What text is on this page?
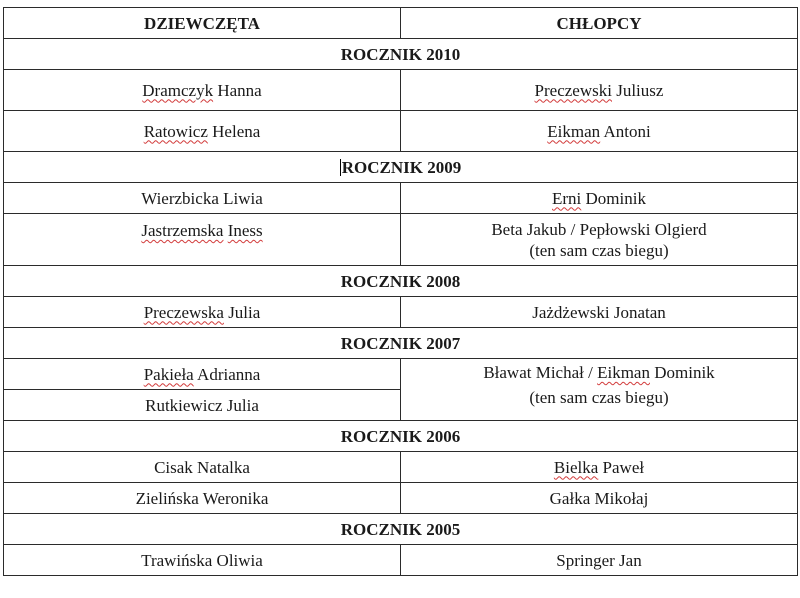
DZIEWCZĘTA	CHŁOPCY
ROCZNIK 2010	
Dramczyk Hanna	Preczewski Juliusz
Ratowicz Helena	Eikman Antoni
ROCZNIK 2009	
Wierzbicka Liwia	Erni Dominik
Jastrzemska Iness	Beta Jakub / Pepłowski Olgierd
(ten sam czas biegu)

ROCZNIK 2008	
Preczewska Julia	Jażdżewski Jonatan
ROCZNIK 2007	
Pakieła Adrianna	Bławat Michał / Eikman Dominik
(ten sam czas biegu)

Rutkiewicz Julia	
ROCZNIK 2006	
Cisak Natalka	Bielka Paweł
Zielińska Weronika	Gałka Mikołaj
ROCZNIK 2005	
Trawińska Oliwia	Springer Jan
